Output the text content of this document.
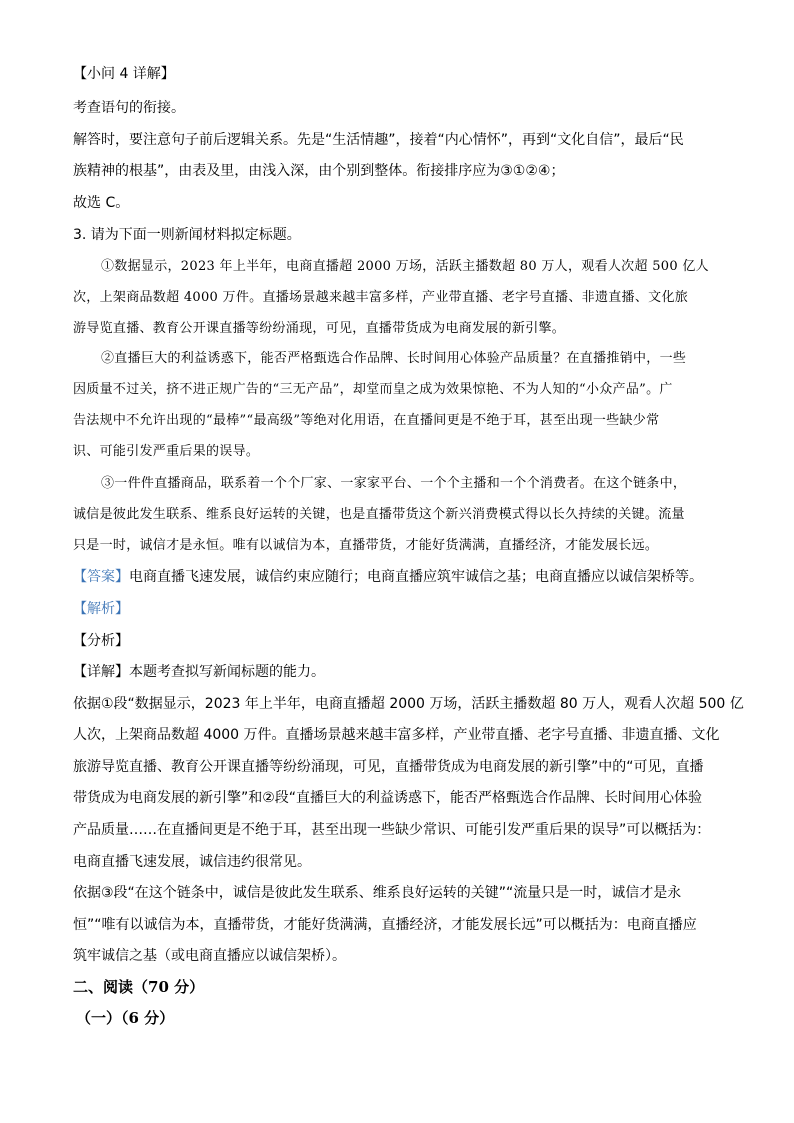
【小问 4 详解】
考查语句的衔接。
解答时，要注意句子前后逻辑关系。先是“生活情趣”，接着“内心情怀”，再到“文化自信”，最后“民
族精神的根基”，由表及里，由浅入深，由个别到整体。衔接排序应为③①②④；
故选 C。
3. 请为下面一则新闻材料拟定标题。
①数据显示，2023 年上半年，电商直播超 2000 万场，活跃主播数超 80 万人，观看人次超 500 亿人
次，上架商品数超 4000 万件。直播场景越来越丰富多样，产业带直播、老字号直播、非遗直播、文化旅
游导览直播、教育公开课直播等纷纷涌现，可见，直播带货成为电商发展的新引擎。
②直播巨大的利益诱惑下，能否严格甄选合作品牌、长时间用心体验产品质量？在直播推销中，一些
因质量不过关，挤不进正规广告的“三无产品”，却堂而皇之成为效果惊艳、不为人知的“小众产品”。广
告法规中不允许出现的“最棒”“最高级”等绝对化用语，在直播间更是不绝于耳，甚至出现一些缺少常
识、可能引发严重后果的误导。
③一件件直播商品，联系着一个个厂家、一家家平台、一个个主播和一个个消费者。在这个链条中，
诚信是彼此发生联系、维系良好运转的关键，也是直播带货这个新兴消费模式得以长久持续的关键。流量
只是一时，诚信才是永恒。唯有以诚信为本，直播带货，才能好货满满，直播经济，才能发展长远。
【答案】电商直播飞速发展，诚信约束应随行；电商直播应筑牢诚信之基；电商直播应以诚信架桥等。
【解析】
【分析】
【详解】本题考查拟写新闻标题的能力。
依据①段“数据显示，2023 年上半年，电商直播超 2000 万场，活跃主播数超 80 万人，观看人次超 500 亿
人次，上架商品数超 4000 万件。直播场景越来越丰富多样，产业带直播、老字号直播、非遗直播、文化
旅游导览直播、教育公开课直播等纷纷涌现，可见，直播带货成为电商发展的新引擎”中的“可见，直播
带货成为电商发展的新引擎”和②段“直播巨大的利益诱惑下，能否严格甄选合作品牌、长时间用心体验
产品质量……在直播间更是不绝于耳，甚至出现一些缺少常识、可能引发严重后果的误导”可以概括为：
电商直播飞速发展，诚信违约很常见。
依据③段“在这个链条中，诚信是彼此发生联系、维系良好运转的关键”“流量只是一时，诚信才是永
恒”“唯有以诚信为本，直播带货，才能好货满满，直播经济，才能发展长远”可以概括为：电商直播应
筑牢诚信之基（或电商直播应以诚信架桥）。
二、阅读（70 分）
（一）（6 分）
